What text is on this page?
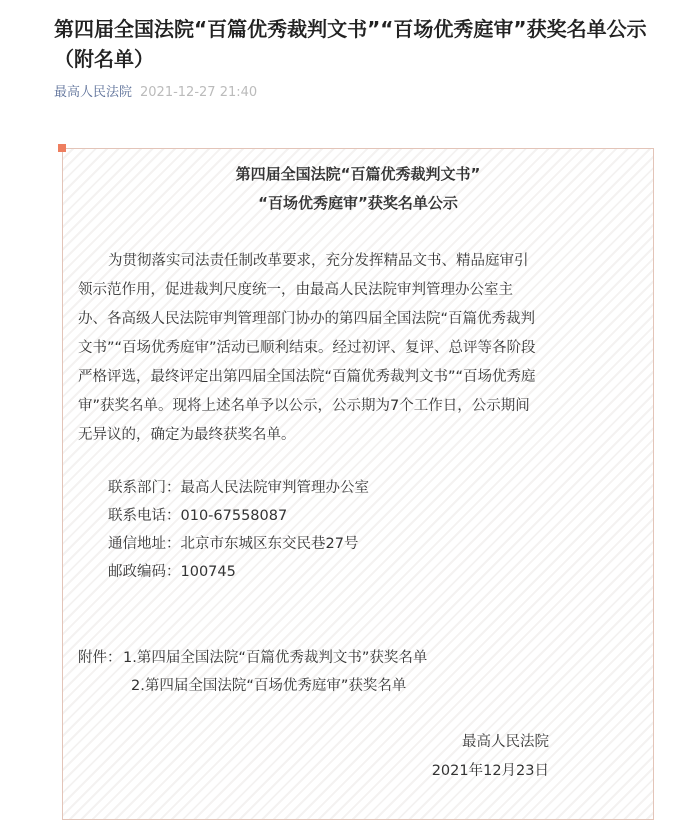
第四届全国法院“百篇优秀裁判文书”“百场优秀庭审”获奖名单公示（附名单）
最高人民法院 2021-12-27 21:40
第四届全国法院“百篇优秀裁判文书”
“百场优秀庭审”获奖名单公示
为贯彻落实司法责任制改革要求，充分发挥精品文书、精品庭审引
领示范作用，促进裁判尺度统一，由最高人民法院审判管理办公室主
办、各高级人民法院审判管理部门协办的第四届全国法院“百篇优秀裁判
文书”“百场优秀庭审”活动已顺利结束。经过初评、复评、总评等各阶段
严格评选，最终评定出第四届全国法院“百篇优秀裁判文书”“百场优秀庭
审”获奖名单。现将上述名单予以公示，公示期为7个工作日，公示期间
无异议的，确定为最终获奖名单。
联系部门：最高人民法院审判管理办公室
联系电话：010-67558087
通信地址：北京市东城区东交民巷27号
邮政编码：100745
附件： 1.第四届全国法院“百篇优秀裁判文书”获奖名单
2.第四届全国法院“百场优秀庭审”获奖名单
最高人民法院
2021年12月23日
